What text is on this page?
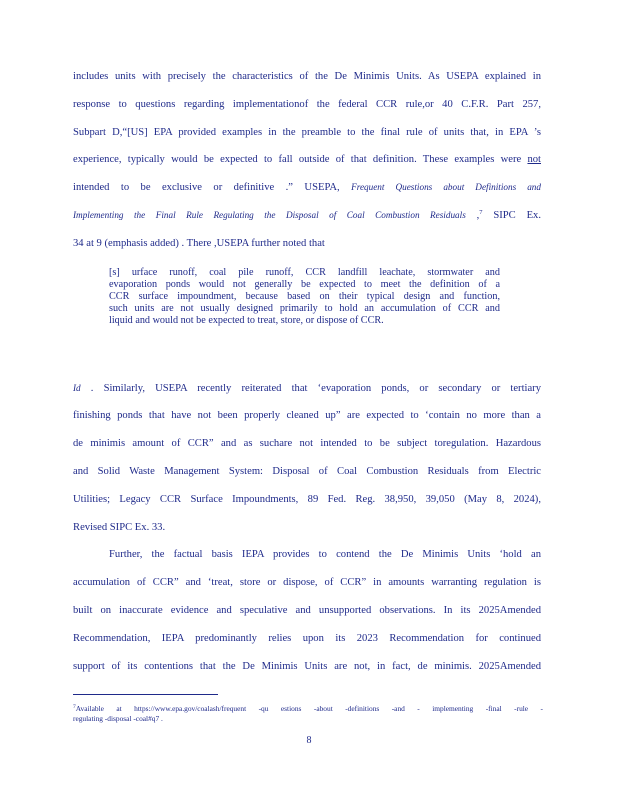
includes units with precisely the characteristics of the De Minimis Units. As USEPA explained in
response to questions regarding implementationof the federal CCR rule,or 40 C.F.R. Part 257,
Subpart D,“[US] EPA provided examples in the preamble to the final rule of units that, in EPA ’s
experience, typically would be expected to fall outside of that definition. These examples were not
intended to be exclusive or definitive .” USEPA, Frequent Questions about Definitions and
Implementing the Final Rule Regulating the Disposal of Coal Combustion Residuals ,$^7$ SIPC Ex.
34 at 9 (emphasis added) . There ,USEPA further noted that
Id . Similarly, USEPA recently reiterated that ‘evaporation ponds, or secondary or tertiary
finishing ponds that have not been properly cleaned up” are expected to ‘contain no more than a
de minimis amount of CCR” and as suchare not intended to be subject toregulation. Hazardous
and Solid Waste Management System: Disposal of Coal Combustion Residuals from Electric
Utilities; Legacy CCR Surface Impoundments, 89 Fed. Reg. 38,950, 39,050 (May 8, 2024),
Revised SIPC Ex. 33.
Further, the factual basis IEPA provides to contend the De Minimis Units ‘hold an
accumulation of CCR” and ‘treat, store or dispose, of CCR” in amounts warranting regulation is
built on inaccurate evidence and speculative and unsupported observations. In its 2025Amended
Recommendation, IEPA predominantly relies upon its 2023 Recommendation for continued
support of its contentions that the De Minimis Units are not, in fact, de minimis. 2025Amended
[s] urface runoff, coal pile runoff, CCR landfill leachate, stormwater and
evaporation ponds would not generally be expected to meet the definition of a
CCR surface impoundment, because based on their typical design and function,
such units are not usually designed primarily to hold an accumulation of CCR and
liquid and would not be expected to treat, store, or dispose of CCR.
$^7$Available at https://www.epa.gov/coalash/frequent -qu estions -about -definitions -and - implementing -final -rule -
regulating -disposal -coal#q7 .
8
